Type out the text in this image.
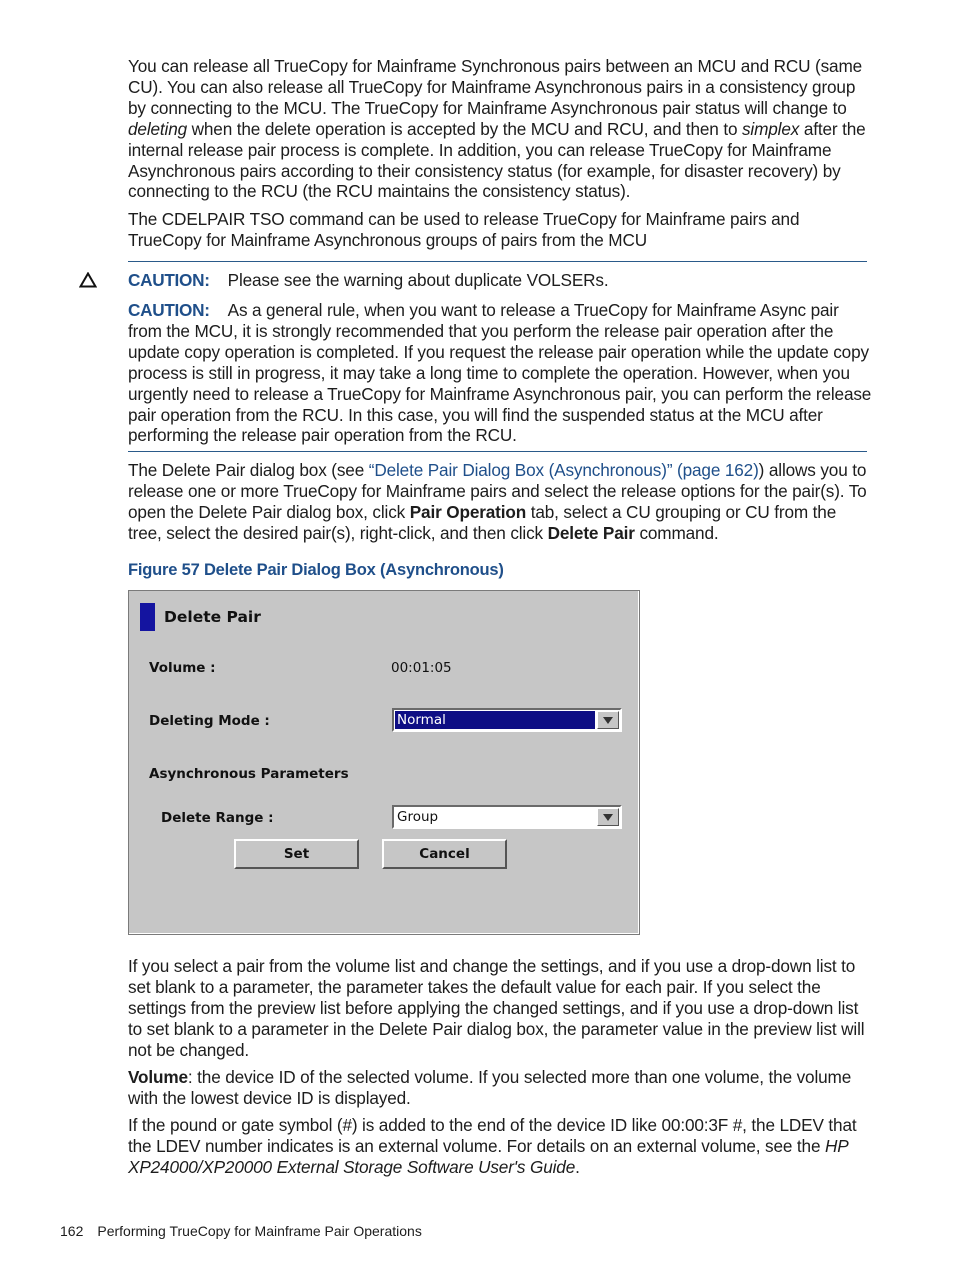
You can release all TrueCopy for Mainframe Synchronous pairs between an MCU and RCU (same CU). You can also release all TrueCopy for Mainframe Asynchronous pairs in a consistency group by connecting to the MCU. The TrueCopy for Mainframe Asynchronous pair status will change to deleting when the delete operation is accepted by the MCU and RCU, and then to simplex after the internal release pair process is complete. In addition, you can release TrueCopy for Mainframe Asynchronous pairs according to their consistency status (for example, for disaster recovery) by connecting to the RCU (the RCU maintains the consistency status).
The CDELPAIR TSO command can be used to release TrueCopy for Mainframe pairs and TrueCopy for Mainframe Asynchronous groups of pairs from the MCU
CAUTION: Please see the warning about duplicate VOLSERs.
CAUTION: As a general rule, when you want to release a TrueCopy for Mainframe Async pair from the MCU, it is strongly recommended that you perform the release pair operation after the update copy operation is completed. If you request the release pair operation while the update copy process is still in progress, it may take a long time to complete the operation. However, when you urgently need to release a TrueCopy for Mainframe Asynchronous pair, you can perform the release pair operation from the RCU. In this case, you will find the suspended status at the MCU after performing the release pair operation from the RCU.
The Delete Pair dialog box (see “Delete Pair Dialog Box (Asynchronous)” (page 162)) allows you to release one or more TrueCopy for Mainframe pairs and select the release options for the pair(s). To open the Delete Pair dialog box, click Pair Operation tab, select a CU grouping or CU from the tree, select the desired pair(s), right-click, and then click Delete Pair command.
Figure 57 Delete Pair Dialog Box (Asynchronous)
Delete Pair
Volume :	00:01:05
Deleting Mode :	Normal
Asynchronous Parameters
Delete Range :	Group
Set	Cancel
If you select a pair from the volume list and change the settings, and if you use a drop-down list to set blank to a parameter, the parameter takes the default value for each pair. If you select the settings from the preview list before applying the changed settings, and if you use a drop-down list to set blank to a parameter in the Delete Pair dialog box, the parameter value in the preview list will not be changed.
Volume: the device ID of the selected volume. If you selected more than one volume, the volume with the lowest device ID is displayed.
If the pound or gate symbol (#) is added to the end of the device ID like 00:00:3F #, the LDEV that the LDEV number indicates is an external volume. For details on an external volume, see the HP XP24000/XP20000 External Storage Software User's Guide.
162 Performing TrueCopy for Mainframe Pair Operations
